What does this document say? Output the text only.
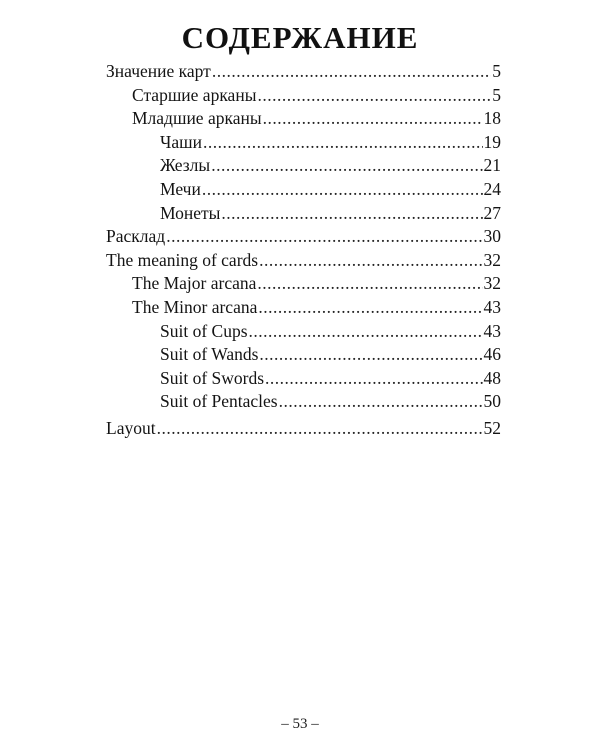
СОДЕРЖАНИЕ
Значение карт .....	5
Старшие арканы .....	5
Младшие арканы .....	18
Чаши .....	19
Жезлы .....	21
Мечи .....	24
Монеты .....	27
Расклад .....	30
The meaning of cards .....	32
The Major arcana .....	32
The Minor arcana .....	43
Suit of Cups .....	43
Suit of Wands .....	46
Suit of Swords .....	48
Suit of Pentacles .....	50
Layout .....	52
– 53 –
